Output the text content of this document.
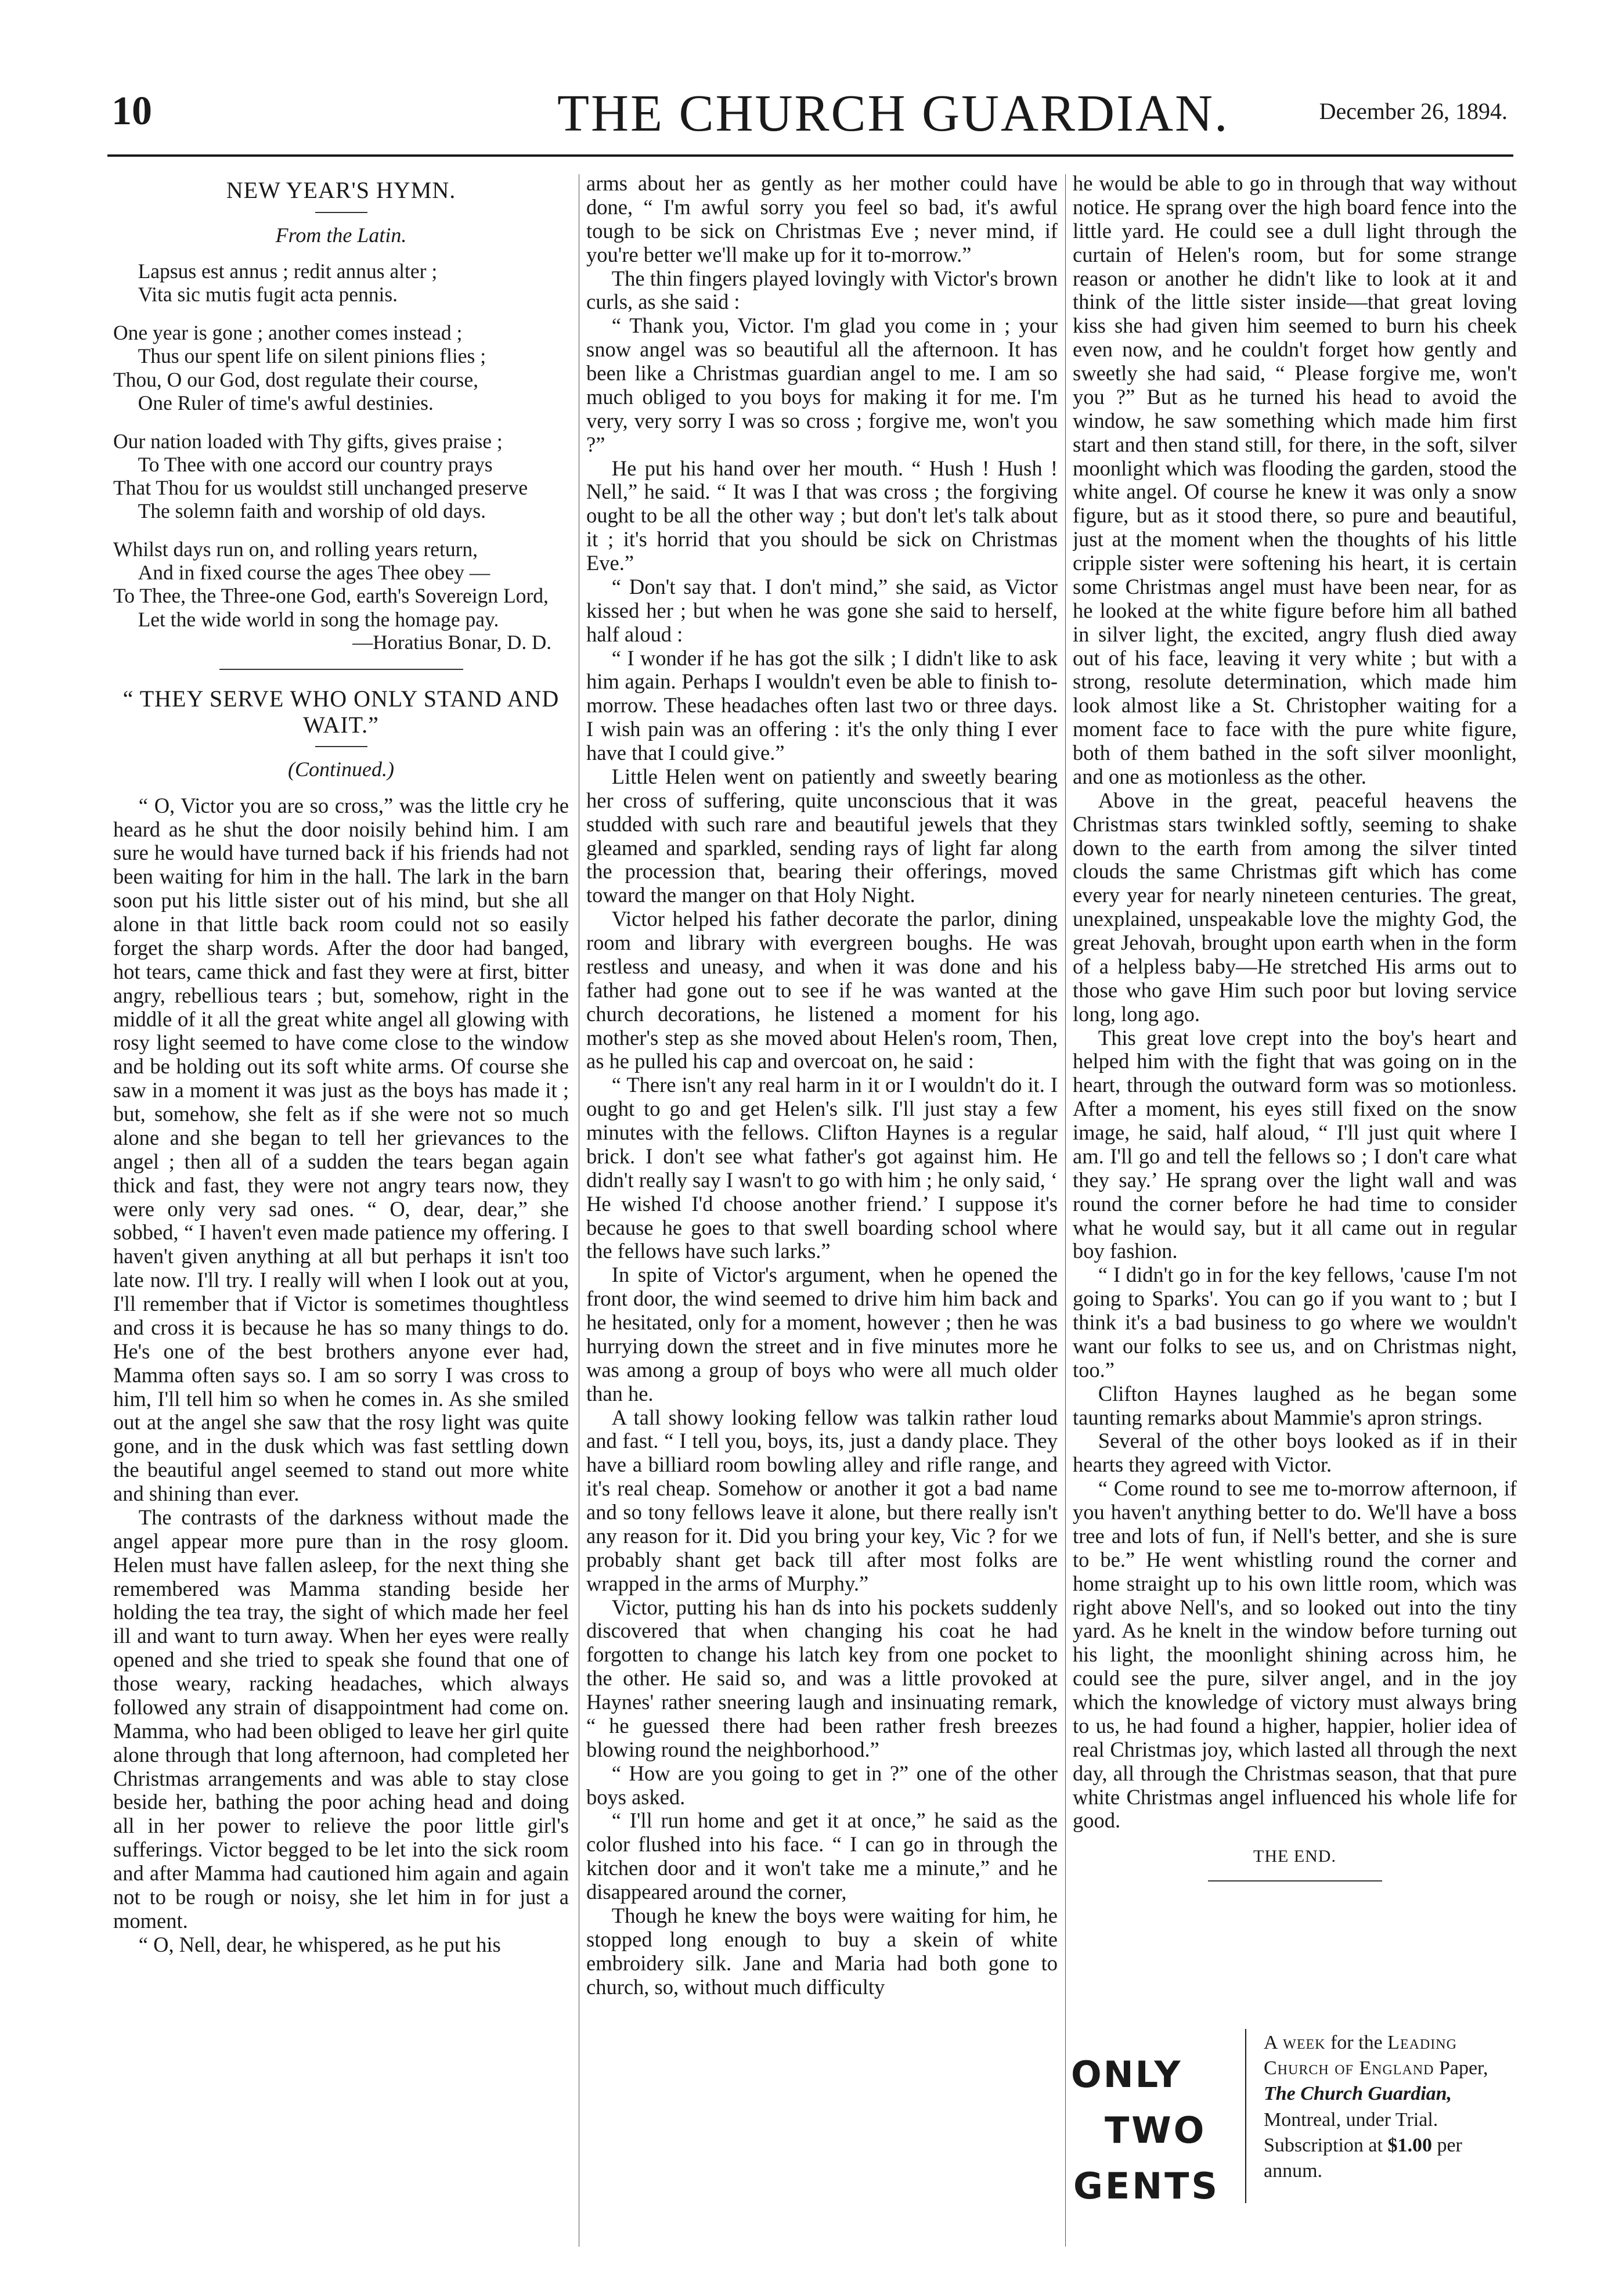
10	THE CHURCH GUARDIAN.	December 26, 1894.
NEW YEAR'S HYMN.
From the Latin.

Lapsus est annus ; redit annus alter ;

Vita sic mutis fugit acta pennis.

One year is gone ; another comes instead ;

Thus our spent life on silent pinions flies ;

Thou, O our God, dost regulate their course,

One Ruler of time's awful destinies.

Our nation loaded with Thy gifts, gives praise ;

To Thee with one accord our country prays

That Thou for us wouldst still unchanged preserve

The solemn faith and worship of old days.

Whilst days run on, and rolling years return,

And in fixed course the ages Thee obey —

To Thee, the Three-one God, earth's Sovereign Lord,

Let the wide world in song the homage pay.

—Horatius Bonar, D. D.

“ THEY SERVE WHO ONLY STAND AND WAIT.”
(Continued.)

“ O, Victor you are so cross,” was the little cry he heard as he shut the door noisily behind him. I am sure he would have turned back if his friends had not been waiting for him in the hall. The lark in the barn soon put his little sister out of his mind, but she all alone in that little back room could not so easily forget the sharp words. After the door had banged, hot tears, came thick and fast they were at first, bitter angry, rebellious tears ; but, somehow, right in the middle of it all the great white angel all glowing with rosy light seemed to have come close to the window and be holding out its soft white arms. Of course she saw in a moment it was just as the boys has made it ; but, somehow, she felt as if she were not so much alone and she began to tell her grievances to the angel ; then all of a sudden the tears began again thick and fast, they were not angry tears now, they were only very sad ones. “ O, dear, dear,” she sobbed, “ I haven't even made patience my offering. I haven't given anything at all but perhaps it isn't too late now. I'll try. I really will when I look out at you, I'll remember that if Victor is sometimes thoughtless and cross it is because he has so many things to do. He's one of the best brothers anyone ever had, Mamma often says so. I am so sorry I was cross to him, I'll tell him so when he comes in. As she smiled out at the angel she saw that the rosy light was quite gone, and in the dusk which was fast settling down the beautiful angel seemed to stand out more white and shining than ever.

The contrasts of the darkness without made the angel appear more pure than in the rosy gloom. Helen must have fallen asleep, for the next thing she remembered was Mamma standing beside her holding the tea tray, the sight of which made her feel ill and want to turn away. When her eyes were really opened and she tried to speak she found that one of those weary, racking headaches, which always followed any strain of disappointment had come on. Mamma, who had been obliged to leave her girl quite alone through that long afternoon, had completed her Christmas arrangements and was able to stay close beside her, bathing the poor aching head and doing all in her power to relieve the poor little girl's sufferings. Victor begged to be let into the sick room and after Mamma had cautioned him again and again not to be rough or noisy, she let him in for just a moment.

“ O, Nell, dear, he whispered, as he put his

arms about her as gently as her mother could have done, “ I'm awful sorry you feel so bad, it's awful tough to be sick on Christmas Eve ; never mind, if you're better we'll make up for it to-morrow.”

The thin fingers played lovingly with Victor's brown curls, as she said :

“ Thank you, Victor. I'm glad you come in ; your snow angel was so beautiful all the afternoon. It has been like a Christmas guardian angel to me. I am so much obliged to you boys for making it for me. I'm very, very sorry I was so cross ; forgive me, won't you ?”

He put his hand over her mouth. “ Hush ! Hush ! Nell,” he said. “ It was I that was cross ; the forgiving ought to be all the other way ; but don't let's talk about it ; it's horrid that you should be sick on Christmas Eve.”

“ Don't say that. I don't mind,” she said, as Victor kissed her ; but when he was gone she said to herself, half aloud :

“ I wonder if he has got the silk ; I didn't like to ask him again. Perhaps I wouldn't even be able to finish to-morrow. These headaches often last two or three days. I wish pain was an offering : it's the only thing I ever have that I could give.”

Little Helen went on patiently and sweetly bearing her cross of suffering, quite unconscious that it was studded with such rare and beautiful jewels that they gleamed and sparkled, sending rays of light far along the procession that, bearing their offerings, moved toward the manger on that Holy Night.

Victor helped his father decorate the parlor, dining room and library with evergreen boughs. He was restless and uneasy, and when it was done and his father had gone out to see if he was wanted at the church decorations, he listened a moment for his mother's step as she moved about Helen's room, Then, as he pulled his cap and overcoat on, he said :

“ There isn't any real harm in it or I wouldn't do it. I ought to go and get Helen's silk. I'll just stay a few minutes with the fellows. Clifton Haynes is a regular brick. I don't see what father's got against him. He didn't really say I wasn't to go with him ; he only said, ‘ He wished I'd choose another friend.’ I suppose it's because he goes to that swell boarding school where the fellows have such larks.”

In spite of Victor's argument, when he opened the front door, the wind seemed to drive him him back and he hesitated, only for a moment, however ; then he was hurrying down the street and in five minutes more he was among a group of boys who were all much older than he.

A tall showy looking fellow was talkin rather loud and fast. “ I tell you, boys, its, just a dandy place. They have a billiard room bowling alley and rifle range, and it's real cheap. Somehow or another it got a bad name and so tony fellows leave it alone, but there really isn't any reason for it. Did you bring your key, Vic ? for we probably shant get back till after most folks are wrapped in the arms of Murphy.”

Victor, putting his han ds into his pockets suddenly discovered that when changing his coat he had forgotten to change his latch key from one pocket to the other. He said so, and was a little provoked at Haynes' rather sneering laugh and insinuating remark, “ he guessed there had been rather fresh breezes blowing round the neighborhood.”

“ How are you going to get in ?” one of the other boys asked.

“ I'll run home and get it at once,” he said as the color flushed into his face. “ I can go in through the kitchen door and it won't take me a minute,” and he disappeared around the corner,

Though he knew the boys were waiting for him, he stopped long enough to buy a skein of white embroidery silk. Jane and Maria had both gone to church, so, without much difficulty

he would be able to go in through that way without notice. He sprang over the high board fence into the little yard. He could see a dull light through the curtain of Helen's room, but for some strange reason or another he didn't like to look at it and think of the little sister inside—that great loving kiss she had given him seemed to burn his cheek even now, and he couldn't forget how gently and sweetly she had said, “ Please forgive me, won't you ?” But as he turned his head to avoid the window, he saw something which made him first start and then stand still, for there, in the soft, silver moonlight which was flooding the garden, stood the white angel. Of course he knew it was only a snow figure, but as it stood there, so pure and beautiful, just at the moment when the thoughts of his little cripple sister were softening his heart, it is certain some Christmas angel must have been near, for as he looked at the white figure before him all bathed in silver light, the excited, angry flush died away out of his face, leaving it very white ; but with a strong, resolute determination, which made him look almost like a St. Christopher waiting for a moment face to face with the pure white figure, both of them bathed in the soft silver moonlight, and one as motionless as the other.

Above in the great, peaceful heavens the Christmas stars twinkled softly, seeming to shake down to the earth from among the silver tinted clouds the same Christmas gift which has come every year for nearly nineteen centuries. The great, unexplained, unspeakable love the mighty God, the great Jehovah, brought upon earth when in the form of a helpless baby—He stretched His arms out to those who gave Him such poor but loving service long, long ago.

This great love crept into the boy's heart and helped him with the fight that was going on in the heart, through the outward form was so motionless. After a moment, his eyes still fixed on the snow image, he said, half aloud, “ I'll just quit where I am. I'll go and tell the fellows so ; I don't care what they say.’ He sprang over the light wall and was round the corner before he had time to consider what he would say, but it all came out in regular boy fashion.

“ I didn't go in for the key fellows, 'cause I'm not going to Sparks'. You can go if you want to ; but I think it's a bad business to go where we wouldn't want our folks to see us, and on Christmas night, too.”

Clifton Haynes laughed as he began some taunting remarks about Mammie's apron strings.

Several of the other boys looked as if in their hearts they agreed with Victor.

“ Come round to see me to-morrow afternoon, if you haven't anything better to do. We'll have a boss tree and lots of fun, if Nell's better, and she is sure to be.” He went whistling round the corner and home straight up to his own little room, which was right above Nell's, and so looked out into the tiny yard. As he knelt in the window before turning out his light, the moonlight shining across him, he could see the pure, silver angel, and in the joy which the knowledge of victory must always bring to us, he had found a higher, happier, holier idea of real Christmas joy, which lasted all through the next day, all through the Christmas season, that that pure white Christmas angel influenced his whole life for good.

THE END.
ONLY
TWO
GENTS
A week for the Leading Church of England Paper, The Church Guardian, Montreal, under Trial. Subscription at $1.00 per annum.
